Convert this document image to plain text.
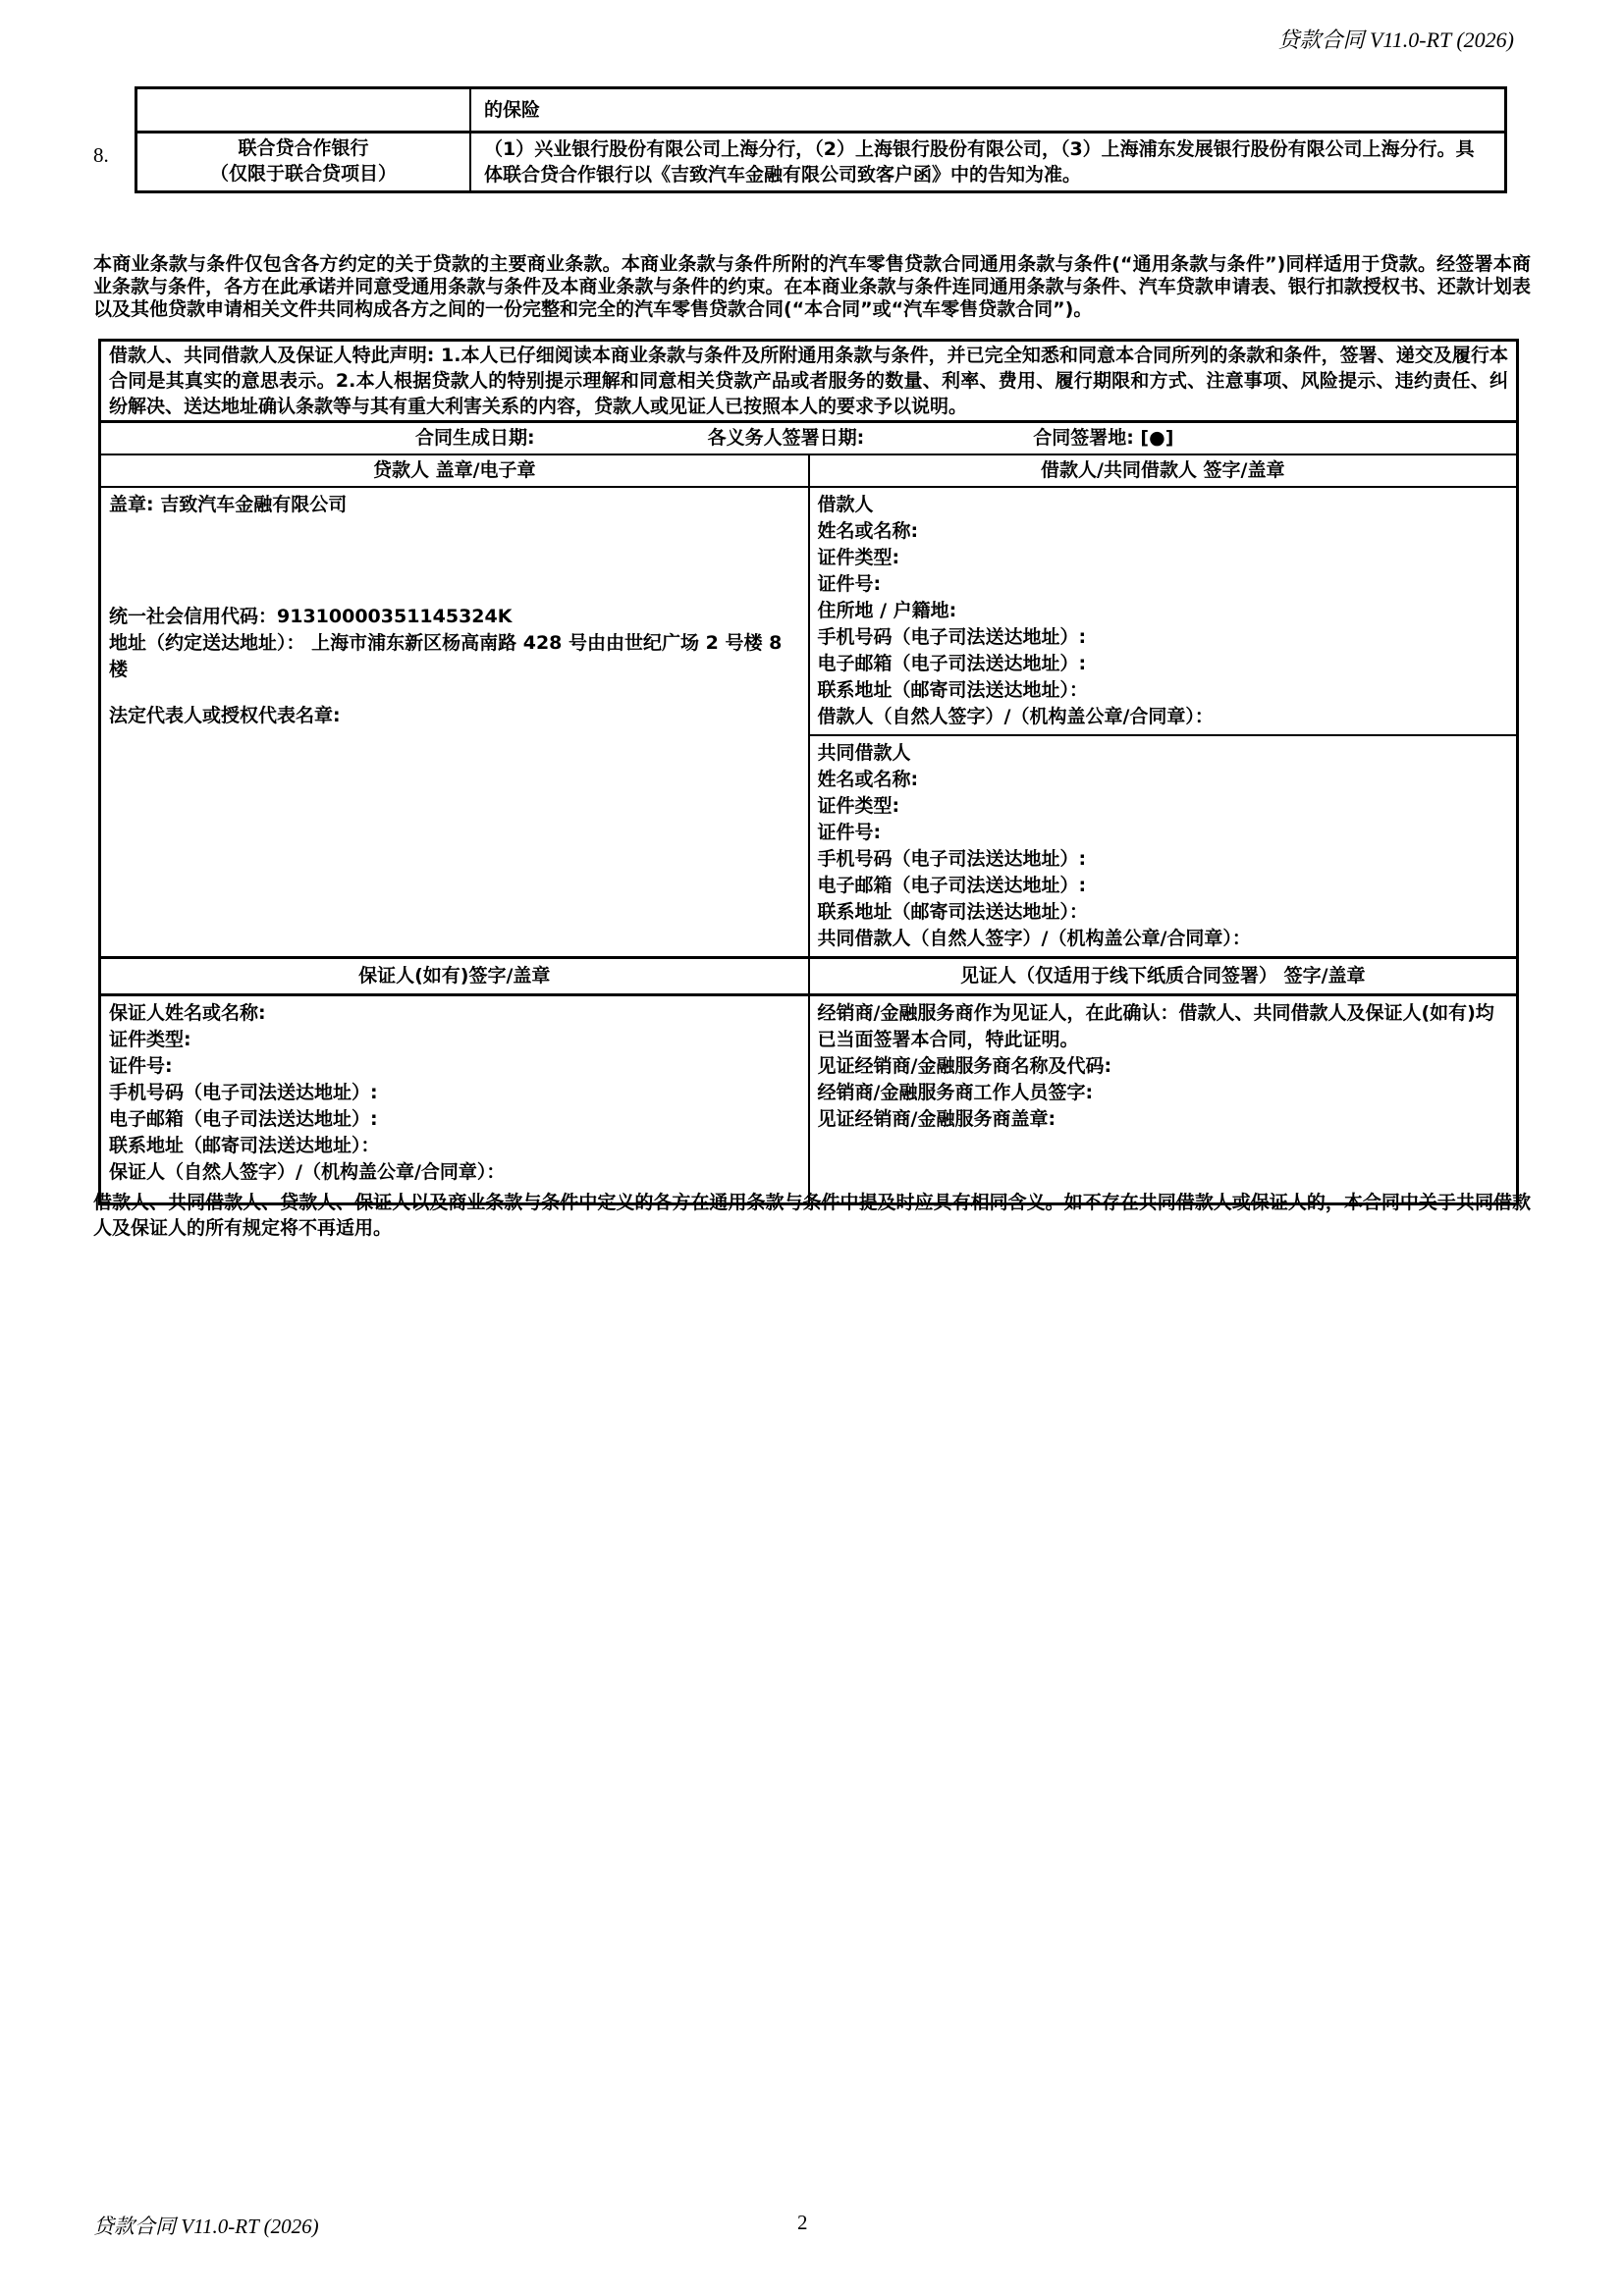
贷款合同 V11.0-RT (2026)
8.

	的保险

联合贷合作银行
（仅限于联合贷项目）	（1）兴业银行股份有限公司上海分行，（2）上海银行股份有限公司，（3）上海浦东发展银行股份有限公司上海分行。具体联合贷合作银行以《吉致汽车金融有限公司致客户函》中的告知为准。
本商业条款与条件仅包含各方约定的关于贷款的主要商业条款。本商业条款与条件所附的汽车零售贷款合同通用条款与条件(“通用条款与条件”)同样适用于贷款。经签署本商业条款与条件，各方在此承诺并同意受通用条款与条件及本商业条款与条件的约束。在本商业条款与条件连同通用条款与条件、汽车贷款申请表、银行扣款授权书、还款计划表以及其他贷款申请相关文件共同构成各方之间的一份完整和完全的汽车零售贷款合同(“本合同”或“汽车零售贷款合同”)。
借款人、共同借款人及保证人特此声明: 1.本人已仔细阅读本商业条款与条件及所附通用条款与条件，并已完全知悉和同意本合同所列的条款和条件，签署、递交及履行本合同是其真实的意思表示。2.本人根据贷款人的特别提示理解和同意相关贷款产品或者服务的数量、利率、费用、履行期限和方式、注意事项、风险提示、违约责任、纠纷解决、送达地址确认条款等与其有重大利害关系的内容，贷款人或见证人已按照本人的要求予以说明。	

合同生成日期: 各义务人签署日期: 合同签署地: [●]	

贷款人 盖章/电子章	借款人/共同借款人 签字/盖章

盖章: 吉致汽车金融有限公司
统一社会信用代码：91310000351145324K
地址（约定送达地址）： 上海市浦东新区杨高南路 428 号由由世纪广场 2 号楼 8 楼
法定代表人或授权代表名章:

借款人
姓名或名称:
证件类型:
证件号:
住所地 / 户籍地:
手机号码（电子司法送达地址）:
电子邮箱（电子司法送达地址）:
联系地址（邮寄司法送达地址）：
借款人（自然人签字）/（机构盖公章/合同章）：

共同借款人
姓名或名称:
证件类型:
证件号:
手机号码（电子司法送达地址）:
电子邮箱（电子司法送达地址）:
联系地址（邮寄司法送达地址）：
共同借款人（自然人签字）/（机构盖公章/合同章）：

保证人(如有)签字/盖章	见证人（仅适用于线下纸质合同签署） 签字/盖章

保证人姓名或名称:
证件类型:
证件号:
手机号码（电子司法送达地址）:
电子邮箱（电子司法送达地址）:
联系地址（邮寄司法送达地址）：
保证人（自然人签字）/（机构盖公章/合同章）：

经销商/金融服务商作为见证人，在此确认：借款人、共同借款人及保证人(如有)均已当面签署本合同，特此证明。
见证经销商/金融服务商名称及代码:
经销商/金融服务商工作人员签字:
见证经销商/金融服务商盖章:
借款人、共同借款人、贷款人、保证人以及商业条款与条件中定义的各方在通用条款与条件中提及时应具有相同含义。如不存在共同借款人或保证人的，本合同中关于共同借款人及保证人的所有规定将不再适用。
贷款合同 V11.0-RT (2026)	2
